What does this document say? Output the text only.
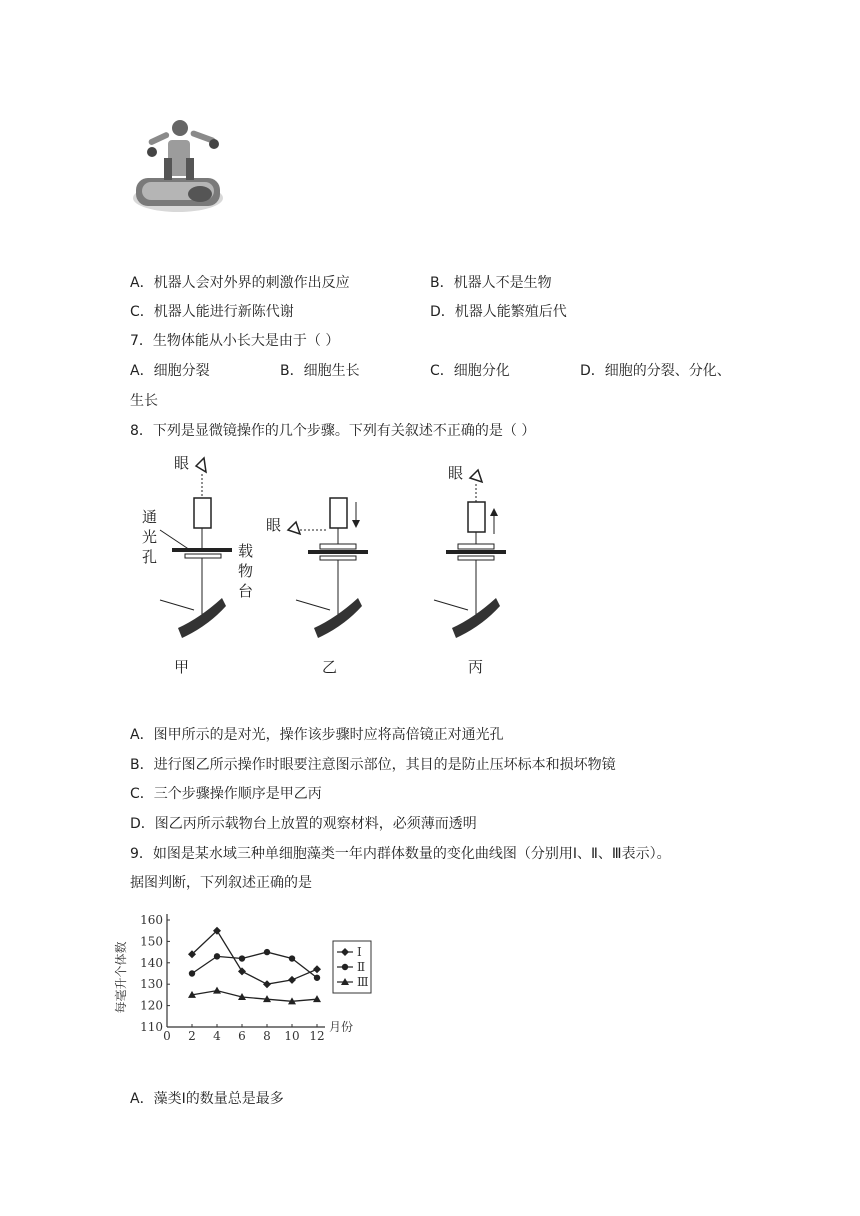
A．机器人会对外界的刺激作出反应	B．机器人不是生物
C．机器人能进行新陈代谢	D．机器人能繁殖后代
7．生物体能从小长大是由于（ ）
A．细胞分裂	B．细胞生长	C．细胞分化	D．细胞的分裂、分化、
生长
8．下列是显微镜操作的几个步骤。下列有关叙述不正确的是（ ）
眼
通
光
孔	载
物
台
甲
眼
乙
眼
丙
A．图甲所示的是对光，操作该步骤时应将高倍镜正对通光孔
B．进行图乙所示操作时眼要注意图示部位，其目的是防止压坏标本和损坏物镜
C．三个步骤操作顺序是甲乙丙
D．图乙丙所示载物台上放置的观察材料，必须薄而透明
9．如图是某水域三种单细胞藻类一年内群体数量的变化曲线图（分别用Ⅰ、Ⅱ、Ⅲ表示）。
据图判断，下列叙述正确的是
0 2 4 6 8 10 12
月份
110
120
130
140
150
160
每毫升个体数	Ⅰ
Ⅱ
Ⅲ
A．藻类Ⅰ的数量总是最多
